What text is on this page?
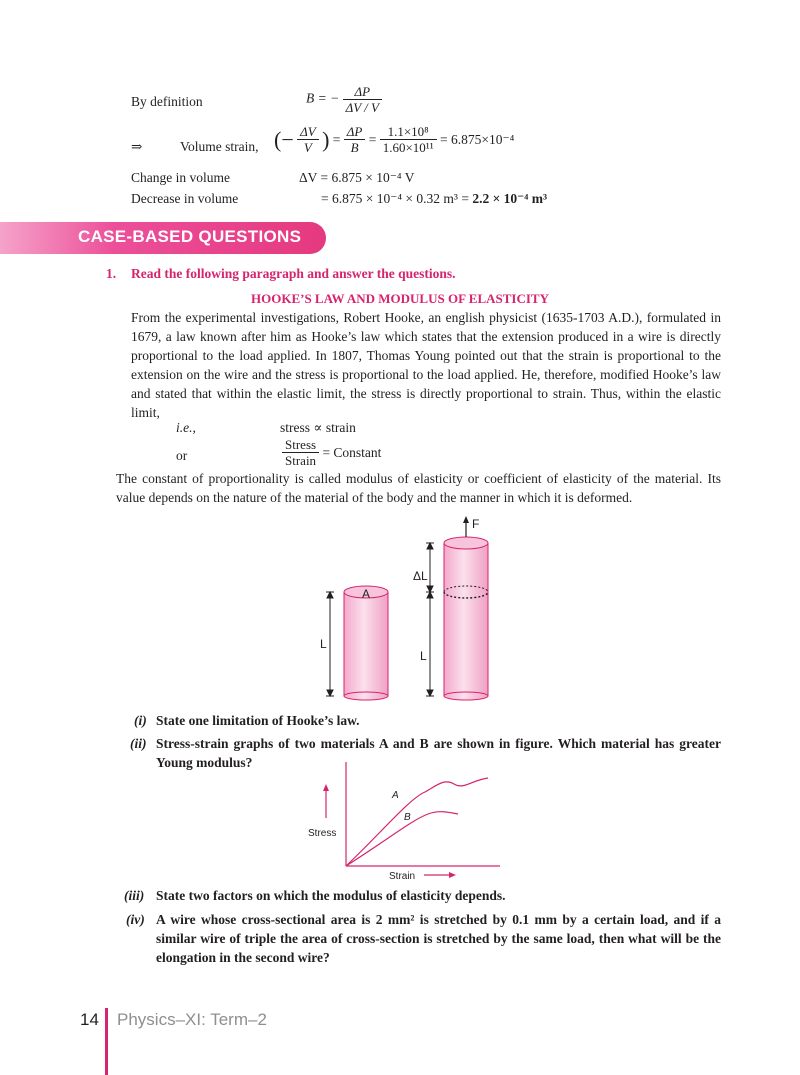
By definition	B = − $\frac{\Delta P}{\Delta V / V}$
⇒	Volume strain, (− $\frac{\Delta V}{V}$ ) = $\frac{\Delta P}{B} = \frac{\text{1.1×10⁸}}{\text{1.60×10¹¹}} = 6.875\times 10^{-4}$
Change in volume	ΔV = 6.875 × 10⁻⁴ V
Decrease in volume	= 6.875 × 10⁻⁴ × 0.32 m³ = 2.2 × 10⁻⁴ m³
CASE-BASED QUESTIONS
1. Read the following paragraph and answer the questions.
HOOKE’S LAW AND MODULUS OF ELASTICITY
From the experimental investigations, Robert Hooke, an english physicist (1635-1703 A.D.), formulated in 1679, a law known after him as Hooke’s law which states that the extension produced in a wire is directly proportional to the load applied. In 1807, Thomas Young pointed out that the strain is proportional to the extension on the wire and the stress is proportional to the load applied. He, therefore, modified Hooke’s law and stated that within the elastic limit, the stress is directly proportional to strain. Thus, within the elastic limit,
i.e.,	stress ∝ strain
or	$\frac{\text{Stress}}{\text{Strain}}$ = Constant
The constant of proportionality is called modulus of elasticity or coefficient of elasticity of the material. Its value depends on the nature of the material of the body and the manner in which it is deformed.
F
ΔL
A
L
L
(i) State one limitation of Hooke’s law.
(ii) Stress-strain graphs of two materials A and B are shown in figure. Which material has greater Young modulus?
A
B
Stress
Strain
(iii) State two factors on which the modulus of elasticity depends.
(iv) A wire whose cross-sectional area is 2 mm² is stretched by 0.1 mm by a certain load, and if a similar wire of triple the area of cross-section is stretched by the same load, then what will be the elongation in the second wire?
14 Physics–XI: Term–2
